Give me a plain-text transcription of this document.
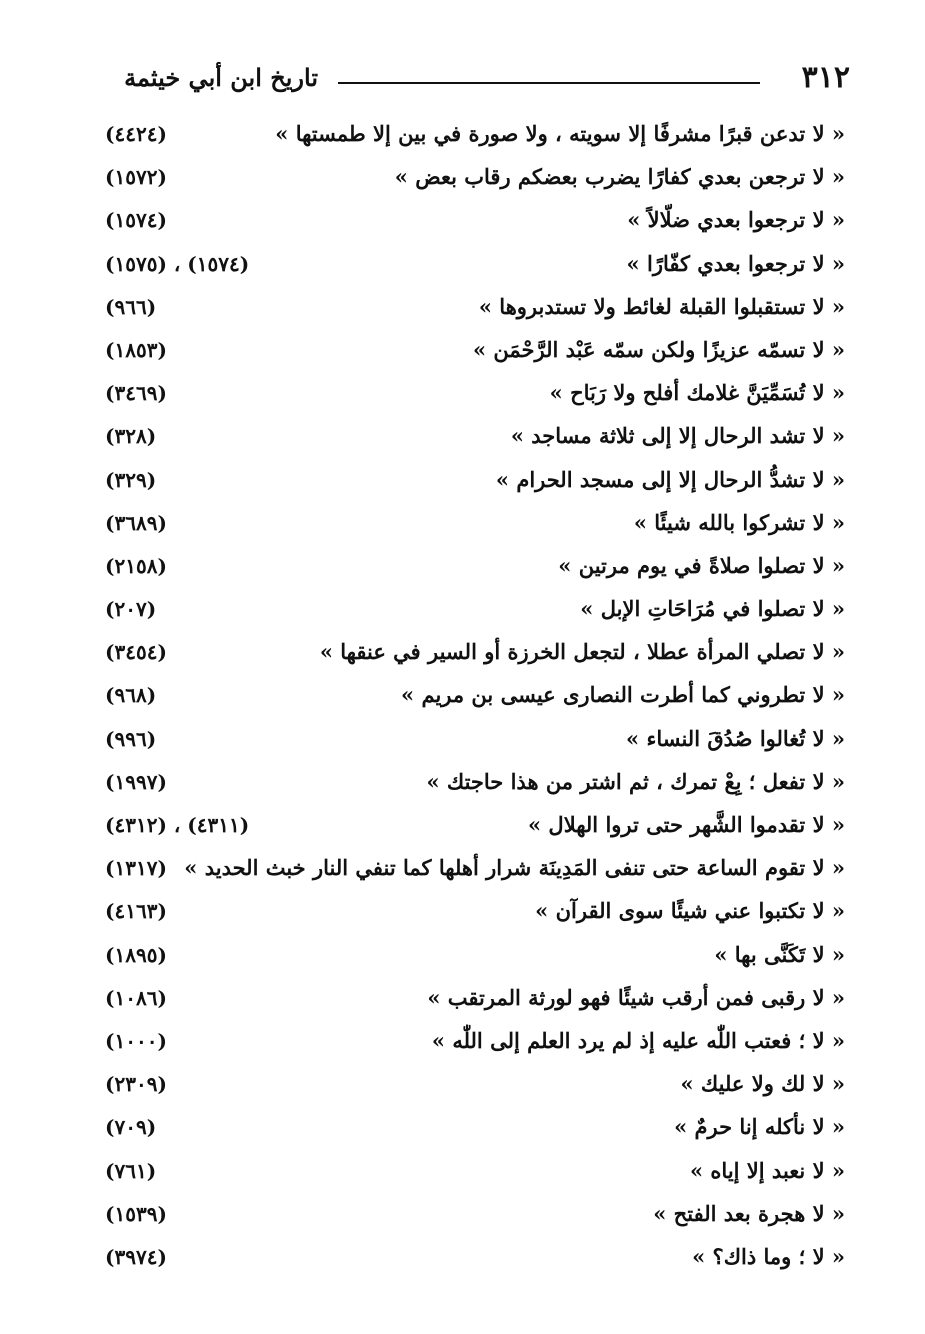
٣١٢
تاريخ ابن أبي خيثمة
« لا تدعن قبرًا مشرفًا إلا سويته ، ولا صورة في بين إلا طمستها »
(٤٤٢٤)
« لا ترجعن بعدي كفارًا يضرب بعضكم رقاب بعض »
(١٥٧٢)
« لا ترجعوا بعدي ضلّالاً »
(١٥٧٤)
« لا ترجعوا بعدي كفّارًا »
(١٥٧٤) ، (١٥٧٥)
« لا تستقبلوا القبلة لغائط ولا تستدبروها »
(٩٦٦)
« لا تسمّه عزيزًا ولكن سمّه عَبْد الرَّحْمَن »
(١٨٥٣)
« لا تُسَمِّيَنَّ غلامك أفلح ولا رَبَاح »
(٣٤٦٩)
« لا تشد الرحال إلا إلى ثلاثة مساجد »
(٣٢٨)
« لا تشدُّ الرحال إلا إلى مسجد الحرام »
(٣٢٩)
« لا تشركوا بالله شيئًا »
(٣٦٨٩)
« لا تصلوا صلاةً في يوم مرتين »
(٢١٥٨)
« لا تصلوا في مُرَاحَاتِ الإبل »
(٢٠٧)
« لا تصلي المرأة عطلا ، لتجعل الخرزة أو السير في عنقها »
(٣٤٥٤)
« لا تطروني كما أطرت النصارى عيسى بن مريم »
(٩٦٨)
« لا تُغالوا صُدُقَ النساء »
(٩٩٦)
« لا تفعل ؛ بِعْ تمرك ، ثم اشتر من هذا حاجتك »
(١٩٩٧)
« لا تقدموا الشَّهر حتى تروا الهلال »
(٤٣١١) ، (٤٣١٢)
« لا تقوم الساعة حتى تنفى المَدِينَة شرار أهلها كما تنفي النار خبث الحديد »
(١٣١٧)
« لا تكتبوا عني شيئًا سوى القرآن »
(٤١٦٣)
« لا تَكَنَّى بها »
(١٨٩٥)
« لا رقبى فمن أرقب شيئًا فهو لورثة المرتقب »
(١٠٨٦)
« لا ؛ فعتب اللّٰه عليه إذ لم يرد العلم إلى اللّٰه »
(١٠٠٠)
« لا لك ولا عليك »
(٢٣٠٩)
« لا نأكله إنا حرمٌ »
(٧٠٩)
« لا نعبد إلا إياه »
(٧٦١)
« لا هجرة بعد الفتح »
(١٥٣٩)
« لا ؛ وما ذاك؟ »
(٣٩٧٤)
